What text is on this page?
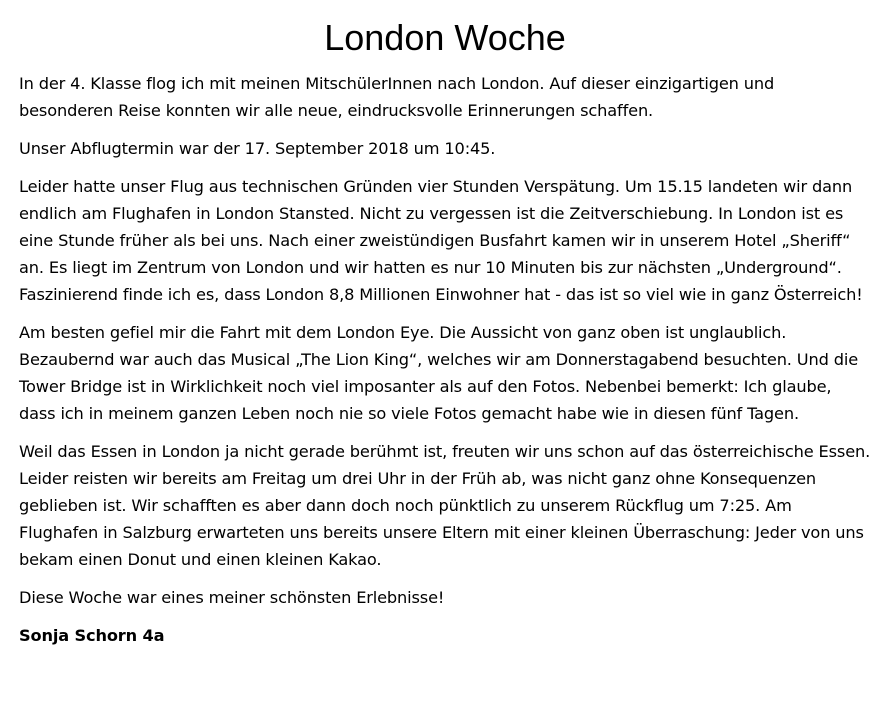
London Woche

In der 4. Klasse flog ich mit meinen MitschülerInnen nach London. Auf dieser einzigartigen und besonderen Reise konnten wir alle neue, eindrucksvolle Erinnerungen schaffen.

Unser Abflugtermin war der 17. September 2018 um 10:45.

Leider hatte unser Flug aus technischen Gründen vier Stunden Verspätung. Um 15.15 landeten wir dann endlich am Flughafen in London Stansted. Nicht zu vergessen ist die Zeitverschiebung. In London ist es eine Stunde früher als bei uns. Nach einer zweistündigen Busfahrt kamen wir in unserem Hotel „Sheriff“ an. Es liegt im Zentrum von London und wir hatten es nur 10 Minuten bis zur nächsten „Underground“. Faszinierend finde ich es, dass London 8,8 Millionen Einwohner hat - das ist so viel wie in ganz Österreich!

Am besten gefiel mir die Fahrt mit dem London Eye. Die Aussicht von ganz oben ist unglaublich. Bezaubernd war auch das Musical „The Lion King“, welches wir am Donnerstagabend besuchten. Und die Tower Bridge ist in Wirklichkeit noch viel imposanter als auf den Fotos. Nebenbei bemerkt: Ich glaube, dass ich in meinem ganzen Leben noch nie so viele Fotos gemacht habe wie in diesen fünf Tagen.

Weil das Essen in London ja nicht gerade berühmt ist, freuten wir uns schon auf das österreichische Essen. Leider reisten wir bereits am Freitag um drei Uhr in der Früh ab, was nicht ganz ohne Konsequenzen geblieben ist. Wir schafften es aber dann doch noch pünktlich zu unserem Rückflug um 7:25. Am Flughafen in Salzburg erwarteten uns bereits unsere Eltern mit einer kleinen Überraschung: Jeder von uns bekam einen Donut und einen kleinen Kakao.

Diese Woche war eines meiner schönsten Erlebnisse!

Sonja Schorn 4a
